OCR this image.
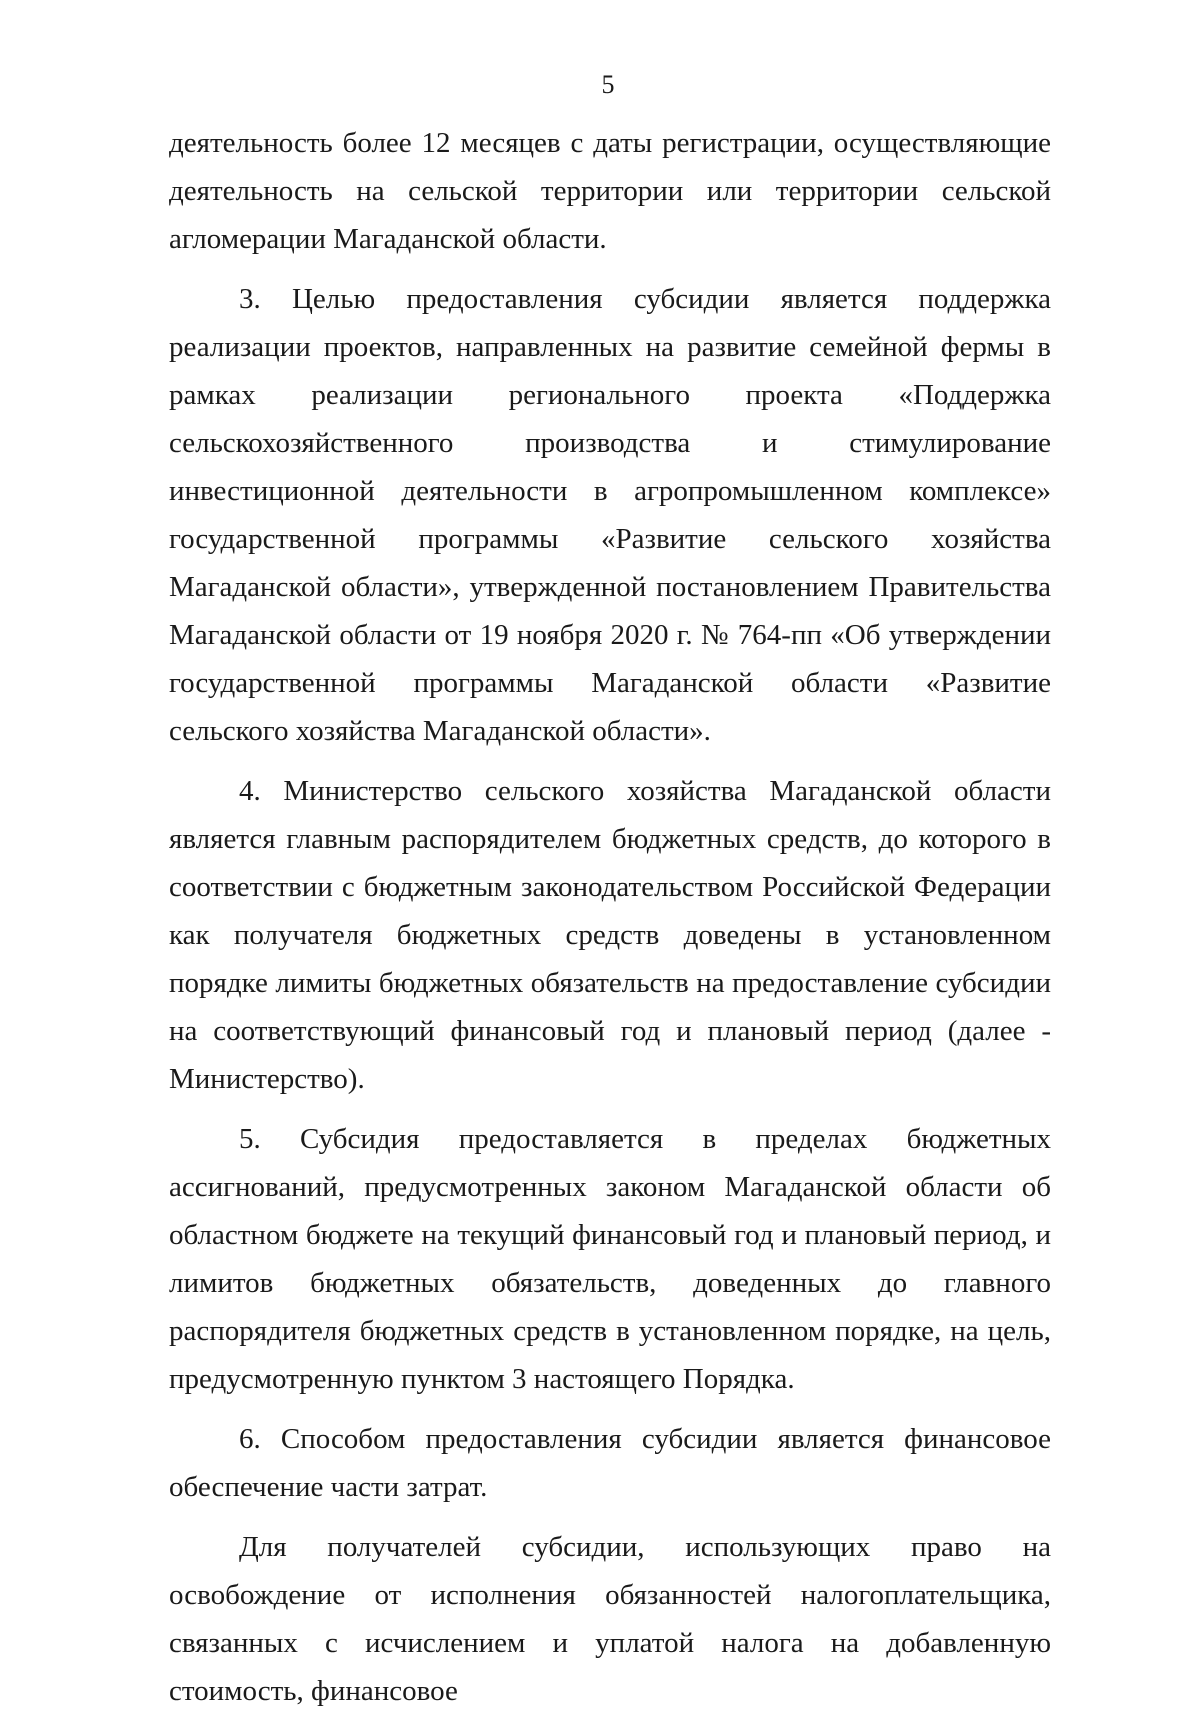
5

деятельность более 12 месяцев с даты регистрации, осуществляющие деятельность на сельской территории или территории сельской агломерации Магаданской области.

3. Целью предоставления субсидии является поддержка реализации проектов, направленных на развитие семейной фермы в рамках реализации регионального проекта «Поддержка сельскохозяйственного производства и стимулирование инвестиционной деятельности в агропромышленном комплексе» государственной программы «Развитие сельского хозяйства Магаданской области», утвержденной постановлением Правительства Магаданской области от 19 ноября 2020 г. № 764-пп «Об утверждении государственной программы Магаданской области «Развитие сельского хозяйства Магаданской области».

4. Министерство сельского хозяйства Магаданской области является главным распорядителем бюджетных средств, до которого в соответствии с бюджетным законодательством Российской Федерации как получателя бюджетных средств доведены в установленном порядке лимиты бюджетных обязательств на предоставление субсидии на соответствующий финансовый год и плановый период (далее - Министерство).

5. Субсидия предоставляется в пределах бюджетных ассигнований, предусмотренных законом Магаданской области об областном бюджете на текущий финансовый год и плановый период, и лимитов бюджетных обязательств, доведенных до главного распорядителя бюджетных средств в установленном порядке, на цель, предусмотренную пунктом 3 настоящего Порядка.

6. Способом предоставления субсидии является финансовое обеспечение части затрат.

Для получателей субсидии, использующих право на освобождение от исполнения обязанностей налогоплательщика, связанных с исчислением и уплатой налога на добавленную стоимость, финансовое
